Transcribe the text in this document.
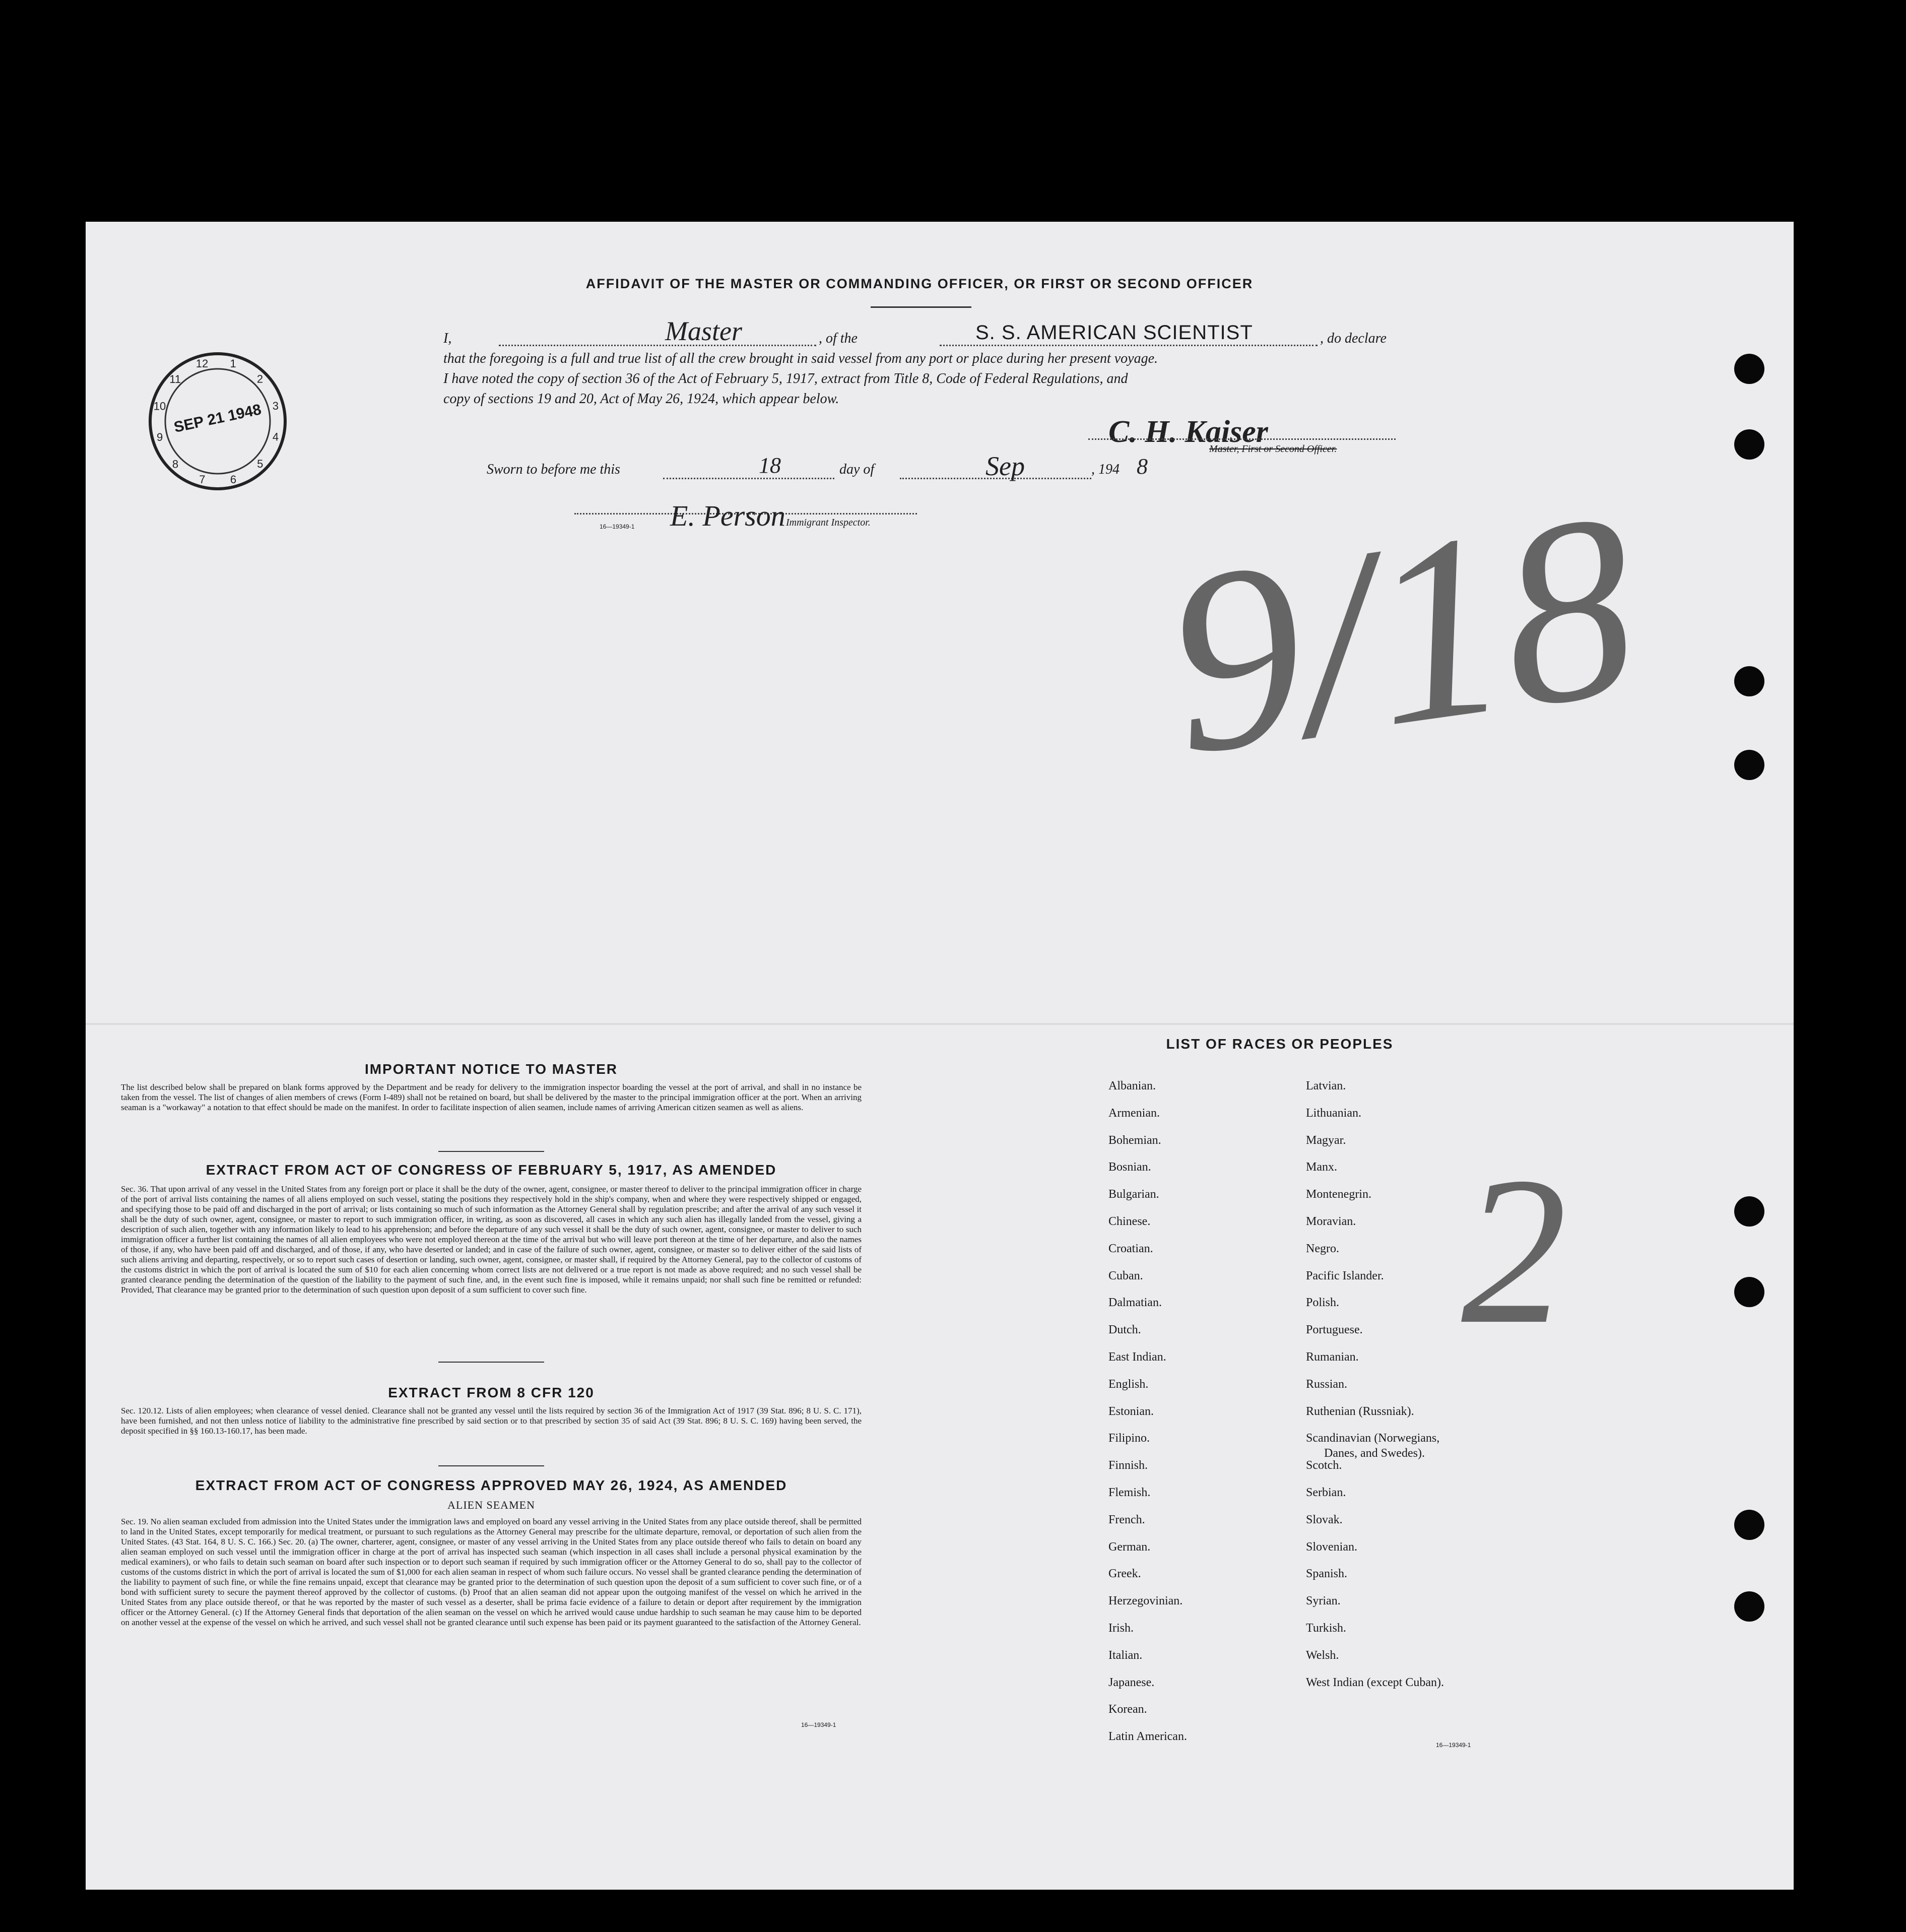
AFFIDAVIT OF THE MASTER OR COMMANDING OFFICER, OR FIRST OR SECOND OFFICER
I,	Master	, of the	S. S. AMERICAN SCIENTIST	, do declare
that the foregoing is a full and true list of all the crew brought in said vessel from any port or place during her present voyage.
I have noted the copy of section 36 of the Act of February 5, 1917, extract from Title 8, Code of Federal Regulations, and
copy of sections 19 and 20, Act of May 26, 1924, which appear below.
C. H. Kaiser
Master, First or Second Officer.
Sworn to before me this	18	day of	Sep	, 194 8
16—19349-1 E. Person Immigrant Inspector.
1
2
3
4
5
6
7
8
9
10
11
12
SEP 21 1948
9/18
2
IMPORTANT NOTICE TO MASTER
The list described below shall be prepared on blank forms approved by the Department and be ready for delivery to the immigration inspector boarding the vessel at the port of arrival, and shall in no instance be taken from the vessel. The list of changes of alien members of crews (Form I-489) shall not be retained on board, but shall be delivered by the master to the principal immigration officer at the port. When an arriving seaman is a "workaway" a notation to that effect should be made on the manifest. In order to facilitate inspection of alien seamen, include names of arriving American citizen seamen as well as aliens.
EXTRACT FROM ACT OF CONGRESS OF FEBRUARY 5, 1917, AS AMENDED
Sec. 36. That upon arrival of any vessel in the United States from any foreign port or place it shall be the duty of the owner, agent, consignee, or master thereof to deliver to the principal immigration officer in charge of the port of arrival lists containing the names of all aliens employed on such vessel, stating the positions they respectively hold in the ship's company, when and where they were respectively shipped or engaged, and specifying those to be paid off and discharged in the port of arrival; or lists containing so much of such information as the Attorney General shall by regulation prescribe; and after the arrival of any such vessel it shall be the duty of such owner, agent, consignee, or master to report to such immigration officer, in writing, as soon as discovered, all cases in which any such alien has illegally landed from the vessel, giving a description of such alien, together with any information likely to lead to his apprehension; and before the departure of any such vessel it shall be the duty of such owner, agent, consignee, or master to deliver to such immigration officer a further list containing the names of all alien employees who were not employed thereon at the time of the arrival but who will leave port thereon at the time of her departure, and also the names of those, if any, who have been paid off and discharged, and of those, if any, who have deserted or landed; and in case of the failure of such owner, agent, consignee, or master so to deliver either of the said lists of such aliens arriving and departing, respectively, or so to report such cases of desertion or landing, such owner, agent, consignee, or master shall, if required by the Attorney General, pay to the collector of customs of the customs district in which the port of arrival is located the sum of $10 for each alien concerning whom correct lists are not delivered or a true report is not made as above required; and no such vessel shall be granted clearance pending the determination of the question of the liability to the payment of such fine, and, in the event such fine is imposed, while it remains unpaid; nor shall such fine be remitted or refunded: Provided, That clearance may be granted prior to the determination of such question upon deposit of a sum sufficient to cover such fine.
EXTRACT FROM 8 CFR 120
Sec. 120.12. Lists of alien employees; when clearance of vessel denied. Clearance shall not be granted any vessel until the lists required by section 36 of the Immigration Act of 1917 (39 Stat. 896; 8 U. S. C. 171), have been furnished, and not then unless notice of liability to the administrative fine prescribed by said section or to that prescribed by section 35 of said Act (39 Stat. 896; 8 U. S. C. 169) having been served, the deposit specified in §§ 160.13-160.17, has been made.
EXTRACT FROM ACT OF CONGRESS APPROVED MAY 26, 1924, AS AMENDED
ALIEN SEAMEN
Sec. 19. No alien seaman excluded from admission into the United States under the immigration laws and employed on board any vessel arriving in the United States from any place outside thereof, shall be permitted to land in the United States, except temporarily for medical treatment, or pursuant to such regulations as the Attorney General may prescribe for the ultimate departure, removal, or deportation of such alien from the United States. (43 Stat. 164, 8 U. S. C. 166.) Sec. 20. (a) The owner, charterer, agent, consignee, or master of any vessel arriving in the United States from any place outside thereof who fails to detain on board any alien seaman employed on such vessel until the immigration officer in charge at the port of arrival has inspected such seaman (which inspection in all cases shall include a personal physical examination by the medical examiners), or who fails to detain such seaman on board after such inspection or to deport such seaman if required by such immigration officer or the Attorney General to do so, shall pay to the collector of customs of the customs district in which the port of arrival is located the sum of $1,000 for each alien seaman in respect of whom such failure occurs. No vessel shall be granted clearance pending the determination of the liability to payment of such fine, or while the fine remains unpaid, except that clearance may be granted prior to the determination of such question upon the deposit of a sum sufficient to cover such fine, or of a bond with sufficient surety to secure the payment thereof approved by the collector of customs. (b) Proof that an alien seaman did not appear upon the outgoing manifest of the vessel on which he arrived in the United States from any place outside thereof, or that he was reported by the master of such vessel as a deserter, shall be prima facie evidence of a failure to detain or deport after requirement by the immigration officer or the Attorney General. (c) If the Attorney General finds that deportation of the alien seaman on the vessel on which he arrived would cause undue hardship to such seaman he may cause him to be deported on another vessel at the expense of the vessel on which he arrived, and such vessel shall not be granted clearance until such expense has been paid or its payment guaranteed to the satisfaction of the Attorney General.
16—19349-1
LIST OF RACES OR PEOPLES
Albanian.
Armenian.
Bohemian.
Bosnian.
Bulgarian.
Chinese.
Croatian.
Cuban.
Dalmatian.
Dutch.
East Indian.
English.
Estonian.
Filipino.
Finnish.
Flemish.
French.
German.
Greek.
Herzegovinian.
Irish.
Italian.
Japanese.
Korean.
Latin American.
Latvian.
Lithuanian.
Magyar.
Manx.
Montenegrin.
Moravian.
Negro.
Pacific Islander.
Polish.
Portuguese.
Rumanian.
Russian.
Ruthenian (Russniak).
Scandinavian (Norwegians,
Danes, and Swedes).
Scotch.
Serbian.
Slovak.
Slovenian.
Spanish.
Syrian.
Turkish.
Welsh.
West Indian (except Cuban).
16—19349-1
